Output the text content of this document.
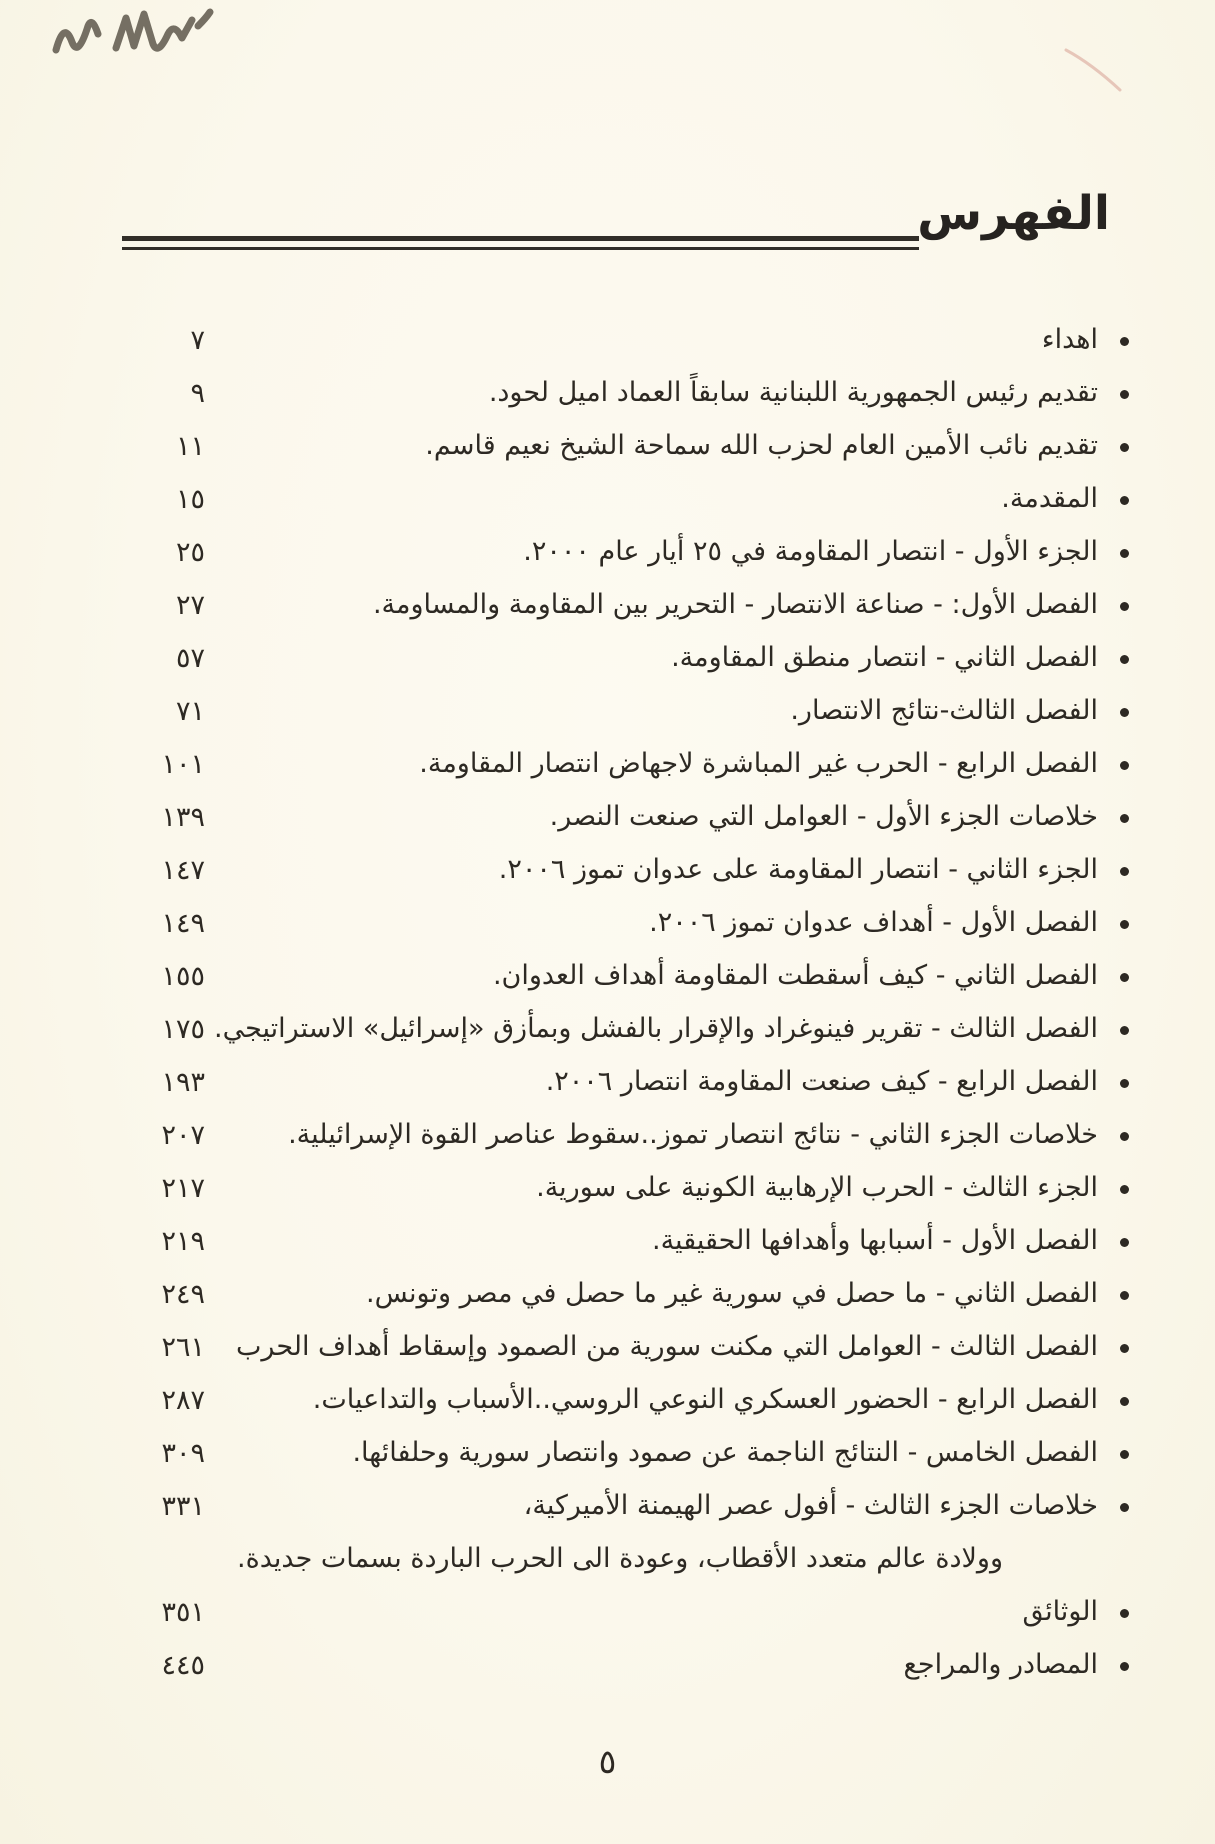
الفهرس
اهداء
٧
تقديم رئيس الجمهورية اللبنانية سابقاً العماد اميل لحود.
٩
تقديم نائب الأمين العام لحزب الله سماحة الشيخ نعيم قاسم.
١١
المقدمة.
١٥
الجزء الأول - انتصار المقاومة في ٢٥ أيار عام ٢٠٠٠.
٢٥
الفصل الأول: - صناعة الانتصار - التحرير بين المقاومة والمساومة.
٢٧
الفصل الثاني - انتصار منطق المقاومة.
٥٧
الفصل الثالث-نتائج الانتصار.
٧١
الفصل الرابع - الحرب غير المباشرة لاجهاض انتصار المقاومة.
١٠١
خلاصات الجزء الأول - العوامل التي صنعت النصر.
١٣٩
الجزء الثاني - انتصار المقاومة على عدوان تموز ٢٠٠٦.
١٤٧
الفصل الأول - أهداف عدوان تموز ٢٠٠٦.
١٤٩
الفصل الثاني - كيف أسقطت المقاومة أهداف العدوان.
١٥٥
الفصل الثالث - تقرير فينوغراد والإقرار بالفشل وبمأزق «إسرائيل» الاستراتيجي.
١٧٥
الفصل الرابع - كيف صنعت المقاومة انتصار ٢٠٠٦.
١٩٣
خلاصات الجزء الثاني - نتائج انتصار تموز..سقوط عناصر القوة الإسرائيلية.
٢٠٧
الجزء الثالث - الحرب الإرهابية الكونية على سورية.
٢١٧
الفصل الأول - أسبابها وأهدافها الحقيقية.
٢١٩
الفصل الثاني - ما حصل في سورية غير ما حصل في مصر وتونس.
٢٤٩
الفصل الثالث - العوامل التي مكنت سورية من الصمود وإسقاط أهداف الحرب
٢٦١
الفصل الرابع - الحضور العسكري النوعي الروسي..الأسباب والتداعيات.
٢٨٧
الفصل الخامس - النتائج الناجمة عن صمود وانتصار سورية وحلفائها.
٣٠٩
خلاصات الجزء الثالث - أفول عصر الهيمنة الأميركية،
٣٣١
وولادة عالم متعدد الأقطاب، وعودة الى الحرب الباردة بسمات جديدة.
الوثائق
٣٥١
المصادر والمراجع
٤٤٥
٥
